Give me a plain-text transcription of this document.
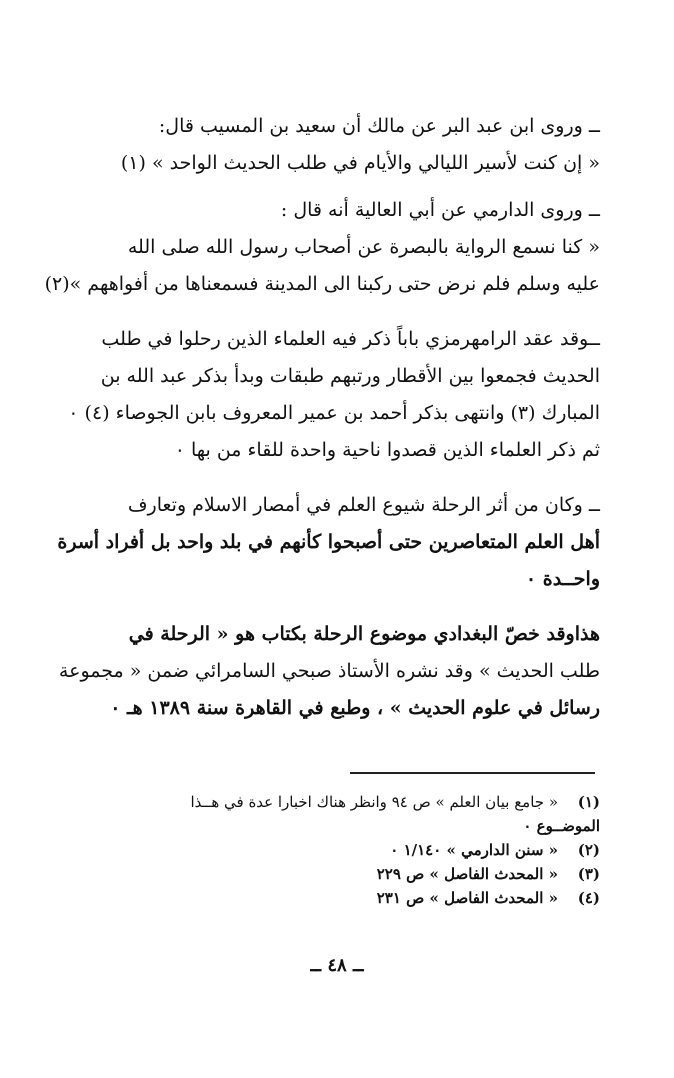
ــ وروى ابن عبد البر عن مالك أن سعيد بن المسيب قال:
« إن كنت لأسير الليالي والأيام في طلب الحديث الواحد » (١)

ــ وروى الدارمي عن أبي العالية أنه قال :
« كنا نسمع الرواية بالبصرة عن أصحاب رسول الله صلى الله
عليه وسلم فلم نرض حتى ركبنا الى المدينة فسمعناها من أفواههم »(٢)

ــوقد عقد الرامهرمزي باباً ذكر فيه العلماء الذين رحلوا في طلب
الحديث فجمعوا بين الأقطار ورتبهم طبقات وبدأ بذكر عبد الله بن
المبارك (٣) وانتهى بذكر أحمد بن عمير المعروف بابن الجوصاء (٤) ٠
ثم ذكر العلماء الذين قصدوا ناحية واحدة للقاء من بها ٠

ــ وكان من أثر الرحلة شيوع العلم في أمصار الاسلام وتعارف
أهل العلم المتعاصرين حتى أصبحوا كأنهم في بلد واحد بل أفراد أسرة
واحــدة ٠

هذاوقد خصّ البغدادي موضوع الرحلة بكتاب هو « الرحلة في
طلب الحديث » وقد نشره الأستاذ صبحي السامرائي ضمن « مجموعة
رسائل في علوم الحديث » ، وطبع في القاهرة سنة ١٣٨٩ هـ ٠

(١)« جامع بيان العلم » ص ٩٤ وانظر هناك اخبارا عدة في هــذا
الموضــوع ٠
(٢)« سنن الدارمي » ١/١٤٠ ٠
(٣)« المحدث الفاصل » ص ٢٢٩
(٤)« المحدث الفاصل » ص ٢٣١
ــ ٤٨ ــ
